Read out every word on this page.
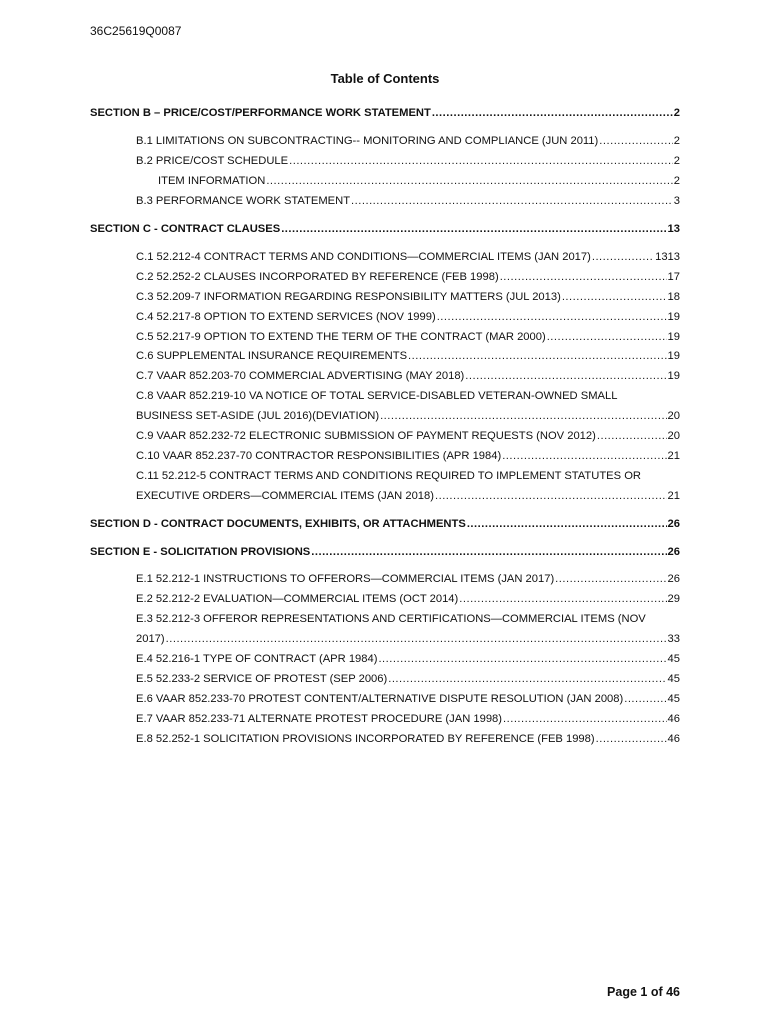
36C25619Q0087
Table of Contents
SECTION B – PRICE/COST/PERFORMANCE WORK STATEMENT .....	2
B.1 LIMITATIONS ON SUBCONTRACTING-- MONITORING AND COMPLIANCE (JUN 2011) .....	2
B.2 PRICE/COST SCHEDULE .....	2
ITEM INFORMATION .....	2
B.3 PERFORMANCE WORK STATEMENT .....	3
SECTION C - CONTRACT CLAUSES .....	13
C.1 52.212-4 CONTRACT TERMS AND CONDITIONS—COMMERCIAL ITEMS (JAN 2017) .....	1313
C.2 52.252-2 CLAUSES INCORPORATED BY REFERENCE (FEB 1998) .....	17
C.3 52.209-7 INFORMATION REGARDING RESPONSIBILITY MATTERS (JUL 2013) .....	18
C.4 52.217-8 OPTION TO EXTEND SERVICES (NOV 1999) .....	19
C.5 52.217-9 OPTION TO EXTEND THE TERM OF THE CONTRACT (MAR 2000) .....	19
C.6 SUPPLEMENTAL INSURANCE REQUIREMENTS .....	19
C.7 VAAR 852.203-70 COMMERCIAL ADVERTISING (MAY 2018) .....	19
C.8 VAAR 852.219-10 VA NOTICE OF TOTAL SERVICE-DISABLED VETERAN-OWNED SMALL
BUSINESS SET-ASIDE (JUL 2016)(DEVIATION) .....	20
C.9 VAAR 852.232-72 ELECTRONIC SUBMISSION OF PAYMENT REQUESTS (NOV 2012) .....	20
C.10 VAAR 852.237-70 CONTRACTOR RESPONSIBILITIES (APR 1984) .....	21
C.11 52.212-5 CONTRACT TERMS AND CONDITIONS REQUIRED TO IMPLEMENT STATUTES OR
EXECUTIVE ORDERS—COMMERCIAL ITEMS (JAN 2018) .....	21
SECTION D - CONTRACT DOCUMENTS, EXHIBITS, OR ATTACHMENTS .....	26
SECTION E - SOLICITATION PROVISIONS .....	26
E.1 52.212-1 INSTRUCTIONS TO OFFERORS—COMMERCIAL ITEMS (JAN 2017) .....	26
E.2 52.212-2 EVALUATION—COMMERCIAL ITEMS (OCT 2014) .....	29
E.3 52.212-3 OFFEROR REPRESENTATIONS AND CERTIFICATIONS—COMMERCIAL ITEMS (NOV
2017) .....	33
E.4 52.216-1 TYPE OF CONTRACT (APR 1984) .....	45
E.5 52.233-2 SERVICE OF PROTEST (SEP 2006) .....	45
E.6 VAAR 852.233-70 PROTEST CONTENT/ALTERNATIVE DISPUTE RESOLUTION (JAN 2008) .....	45
E.7 VAAR 852.233-71 ALTERNATE PROTEST PROCEDURE (JAN 1998) .....	46
E.8 52.252-1 SOLICITATION PROVISIONS INCORPORATED BY REFERENCE (FEB 1998) .....	46
Page 1 of 46
